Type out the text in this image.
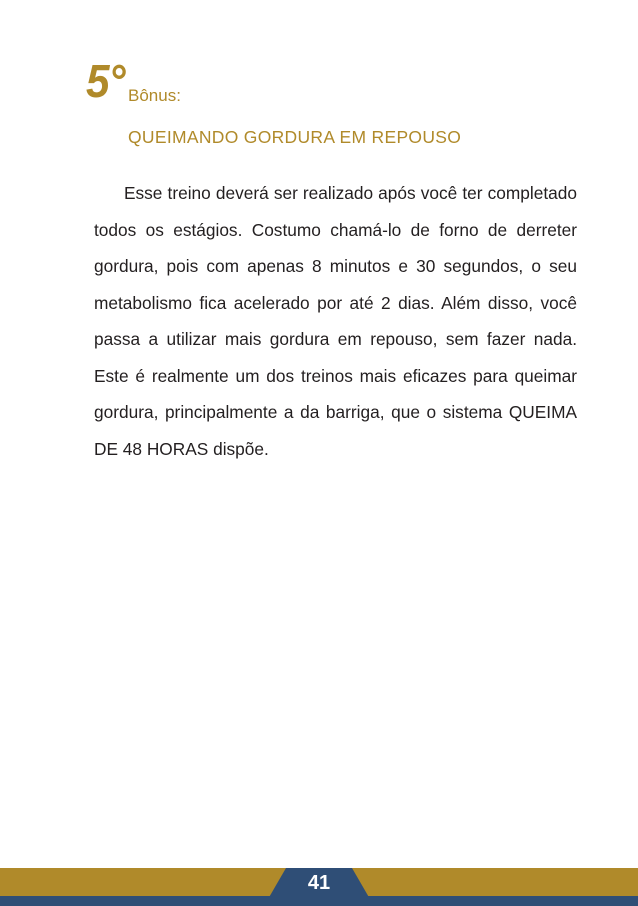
5° Bônus:
QUEIMANDO GORDURA EM REPOUSO

Esse treino deverá ser realizado após você ter completado todos os estágios. Costumo chamá-lo de forno de derreter gordura, pois com apenas 8 minutos e 30 segundos, o seu metabolismo fica acelerado por até 2 dias. Além disso, você passa a utilizar mais gordura em repouso, sem fazer nada. Este é realmente um dos treinos mais eficazes para queimar gordura, principalmente a da barriga, que o sistema QUEIMA DE 48 HORAS dispõe.

41
